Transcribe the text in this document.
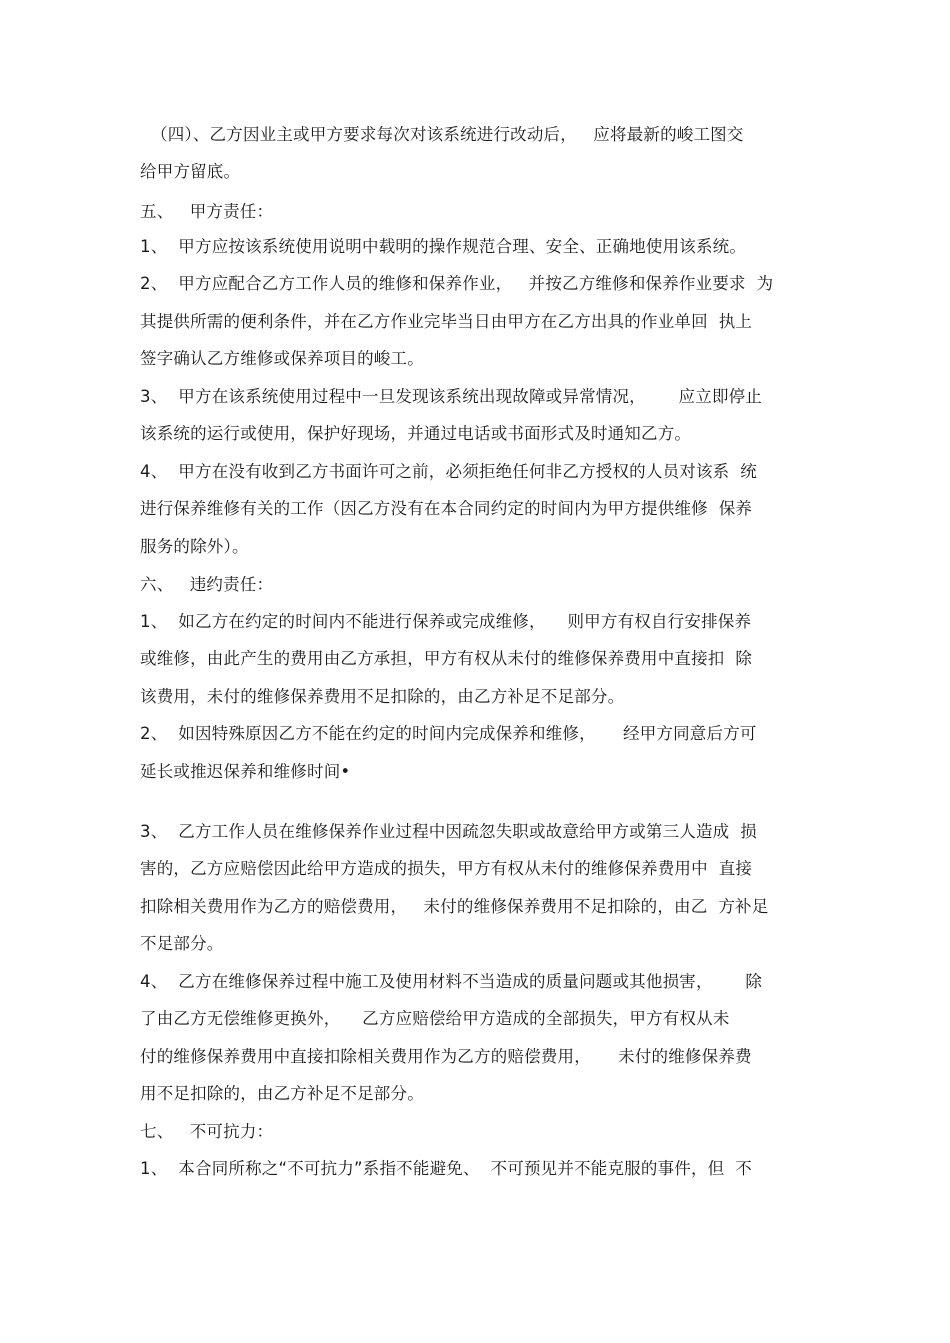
（四）、乙方因业主或甲方要求每次对该系统进行改动后，   应将最新的峻工图交
给甲方留底。
五、   甲方责任：
1、  甲方应按该系统使用说明中载明的操作规范合理、安全、正确地使用该系统。
2、  甲方应配合乙方工作人员的维修和保养作业，   并按乙方维修和保养作业要求  为
其提供所需的便利条件，并在乙方作业完毕当日由甲方在乙方出具的作业单回  执上
签字确认乙方维修或保养项目的峻工。
3、  甲方在该系统使用过程中一旦发现该系统出现故障或异常情况，      应立即停止
该系统的运行或使用，保护好现场，并通过电话或书面形式及时通知乙方。
4、  甲方在没有收到乙方书面许可之前，必须拒绝任何非乙方授权的人员对该系  统
进行保养维修有关的工作（因乙方没有在本合同约定的时间内为甲方提供维修  保养
服务的除外）。
六、   违约责任：
1、  如乙方在约定的时间内不能进行保养或完成维修，    则甲方有权自行安排保养
或维修，由此产生的费用由乙方承担，甲方有权从未付的维修保养费用中直接扣  除
该费用，未付的维修保养费用不足扣除的，由乙方补足不足部分。
2、  如因特殊原因乙方不能在约定的时间内完成保养和维修，     经甲方同意后方可
延长或推迟保养和维修时间•
3、  乙方工作人员在维修保养作业过程中因疏忽失职或故意给甲方或第三人造成  损
害的，乙方应赔偿因此给甲方造成的损失，甲方有权从未付的维修保养费用中  直接
扣除相关费用作为乙方的赔偿费用，   未付的维修保养费用不足扣除的，由乙  方补足
不足部分。
4、  乙方在维修保养过程中施工及使用材料不当造成的质量问题或其他损害，      除
了由乙方无偿维修更换外，    乙方应赔偿给甲方造成的全部损失，甲方有权从未
付的维修保养费用中直接扣除相关费用作为乙方的赔偿费用，     未付的维修保养费
用不足扣除的，由乙方补足不足部分。
七、   不可抗力：
1、  本合同所称之“不可抗力”系指不能避免、  不可预见并不能克服的事件，但  不
